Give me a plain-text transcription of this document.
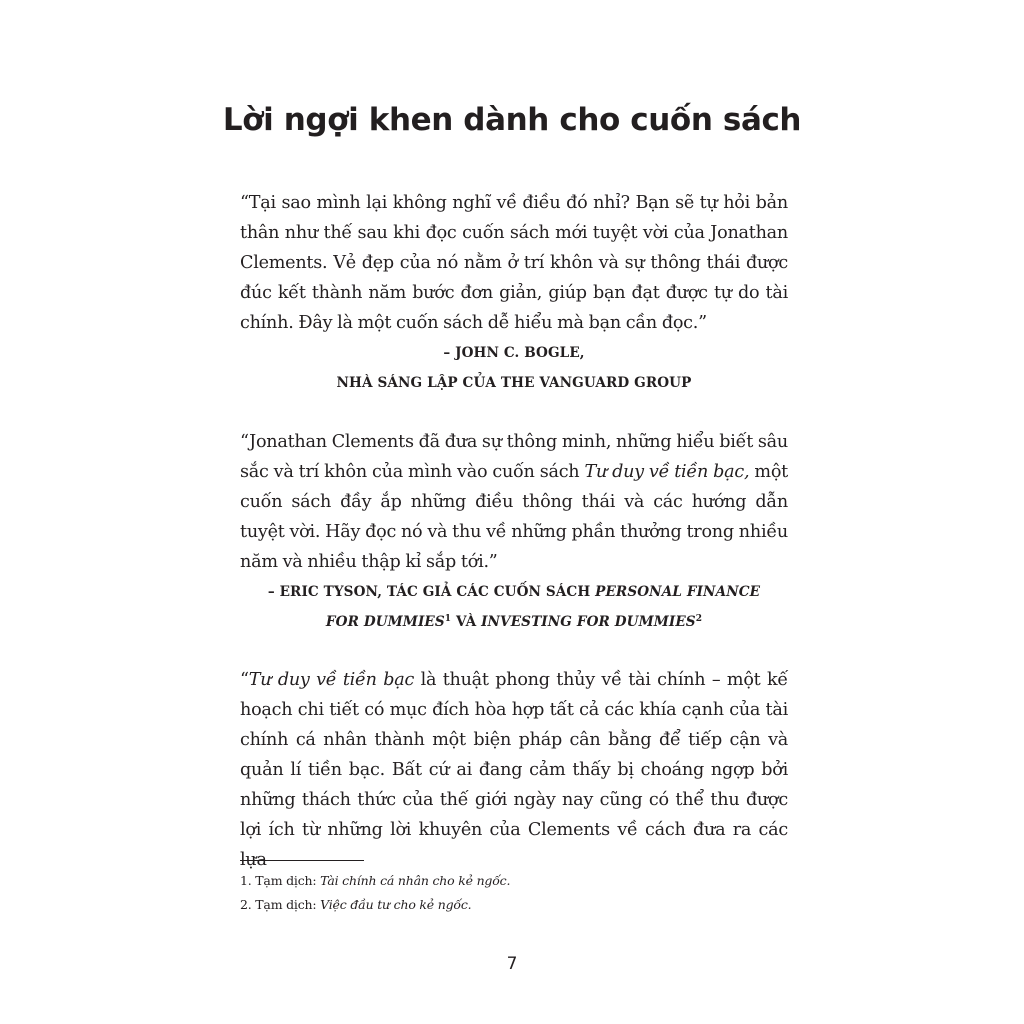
Lời ngợi khen dành cho cuốn sách

“Tại sao mình lại không nghĩ về điều đó nhỉ? Bạn sẽ tự hỏi bản thân như thế sau khi đọc cuốn sách mới tuyệt vời của Jonathan Clements. Vẻ đẹp của nó nằm ở trí khôn và sự thông thái được đúc kết thành năm bước đơn giản, giúp bạn đạt được tự do tài chính. Đây là một cuốn sách dễ hiểu mà bạn cần đọc.”

– JOHN C. BOGLE,
NHÀ SÁNG LẬP CỦA THE VANGUARD GROUP

“Jonathan Clements đã đưa sự thông minh, những hiểu biết sâu sắc và trí khôn của mình vào cuốn sách Tư duy về tiền bạc, một cuốn sách đầy ắp những điều thông thái và các hướng dẫn tuyệt vời. Hãy đọc nó và thu về những phần thưởng trong nhiều năm và nhiều thập kỉ sắp tới.”

– ERIC TYSON, TÁC GIẢ CÁC CUỐN SÁCH PERSONAL FINANCE
FOR DUMMIES$^1$ VÀ INVESTING FOR DUMMIES$^2$

“Tư duy về tiền bạc là thuật phong thủy về tài chính – một kế hoạch chi tiết có mục đích hòa hợp tất cả các khía cạnh của tài chính cá nhân thành một biện pháp cân bằng để tiếp cận và quản lí tiền bạc. Bất cứ ai đang cảm thấy bị choáng ngợp bởi những thách thức của thế giới ngày nay cũng có thể thu được lợi ích từ những lời khuyên của Clements về cách đưa ra các lựa

1. Tạm dịch: Tài chính cá nhân cho kẻ ngốc.
2. Tạm dịch: Việc đầu tư cho kẻ ngốc.
7
